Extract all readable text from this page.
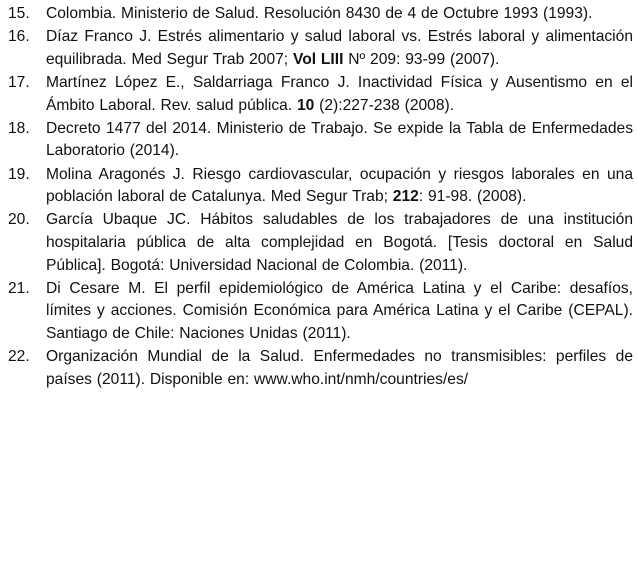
15.	Colombia. Ministerio de Salud. Resolución 8430 de 4 de Octubre 1993 (1993).
16.	Díaz Franco J. Estrés alimentario y salud laboral vs. Estrés laboral y alimentación equilibrada. Med Segur Trab 2007; Vol LIII Nº 209: 93-99 (2007).
17.	Martínez López E., Saldarriaga Franco J. Inactividad Física y Ausentismo en el Ámbito Laboral. Rev. salud pública. 10 (2):227-238 (2008).
18.	Decreto 1477 del 2014. Ministerio de Trabajo. Se expide la Tabla de Enfermedades Laboratorio (2014).
19.	Molina Aragonés J. Riesgo cardiovascular, ocupación y riesgos laborales en una población laboral de Catalunya. Med Segur Trab; 212: 91-98. (2008).
20.	García Ubaque JC. Hábitos saludables de los trabajadores de una institución hospitalaria pública de alta complejidad en Bogotá. [Tesis doctoral en Salud Pública]. Bogotá: Universidad Nacional de Colombia. (2011).
21.	Di Cesare M. El perfil epidemiológico de América Latina y el Caribe: desafíos, límites y acciones. Comisión Económica para América Latina y el Caribe (CEPAL). Santiago de Chile: Naciones Unidas (2011).
22.	Organización Mundial de la Salud. Enfermedades no transmisibles: perfiles de países (2011). Disponible en: www.who.int/nmh/countries/es/
